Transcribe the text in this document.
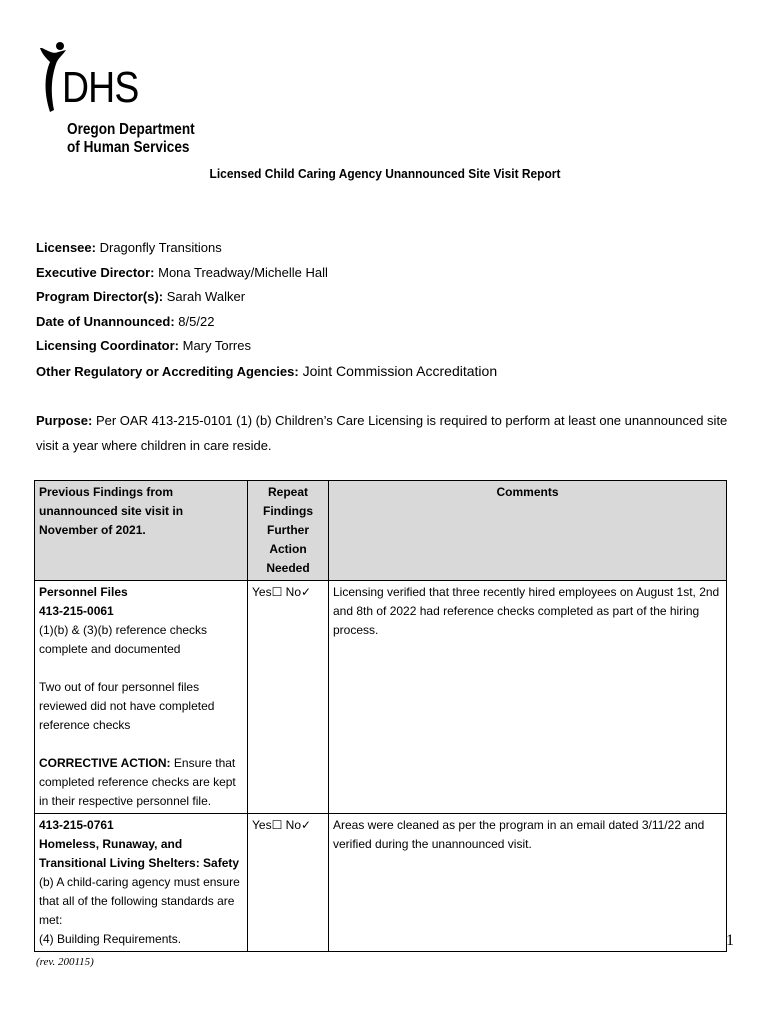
DHS
Oregon Department
of Human Services
Licensed Child Caring Agency Unannounced Site Visit Report
Licensee: Dragonfly Transitions
Executive Director: Mona Treadway/Michelle Hall
Program Director(s): Sarah Walker
Date of Unannounced: 8/5/22
Licensing Coordinator: Mary Torres
Other Regulatory or Accrediting Agencies: Joint Commission Accreditation
Purpose: Per OAR 413-215-0101 (1) (b) Children’s Care Licensing is required to perform at least one unannounced site visit a year where children in care reside.
Previous Findings from unannounced site visit in November of 2021.	Repeat Findings Further Action Needed	Comments

Personnel Files
413-215-0061
(1)(b) & (3)(b) reference checks complete and documented
Two out of four personnel files reviewed did not have completed reference checks
CORRECTIVE ACTION: Ensure that completed reference checks are kept in their respective personnel file.	Yes☐ No✓	Licensing verified that three recently hired employees on August 1st, 2nd and 8th of 2022 had reference checks completed as part of the hiring process.

413-215-0761
Homeless, Runaway, and Transitional Living Shelters: Safety
(b) A child-caring agency must ensure that all of the following standards are met:
(4) Building Requirements.	Yes☐ No✓	Areas were cleaned as per the program in an email dated 3/11/22 and verified during the unannounced visit.
1
(rev. 200115)
